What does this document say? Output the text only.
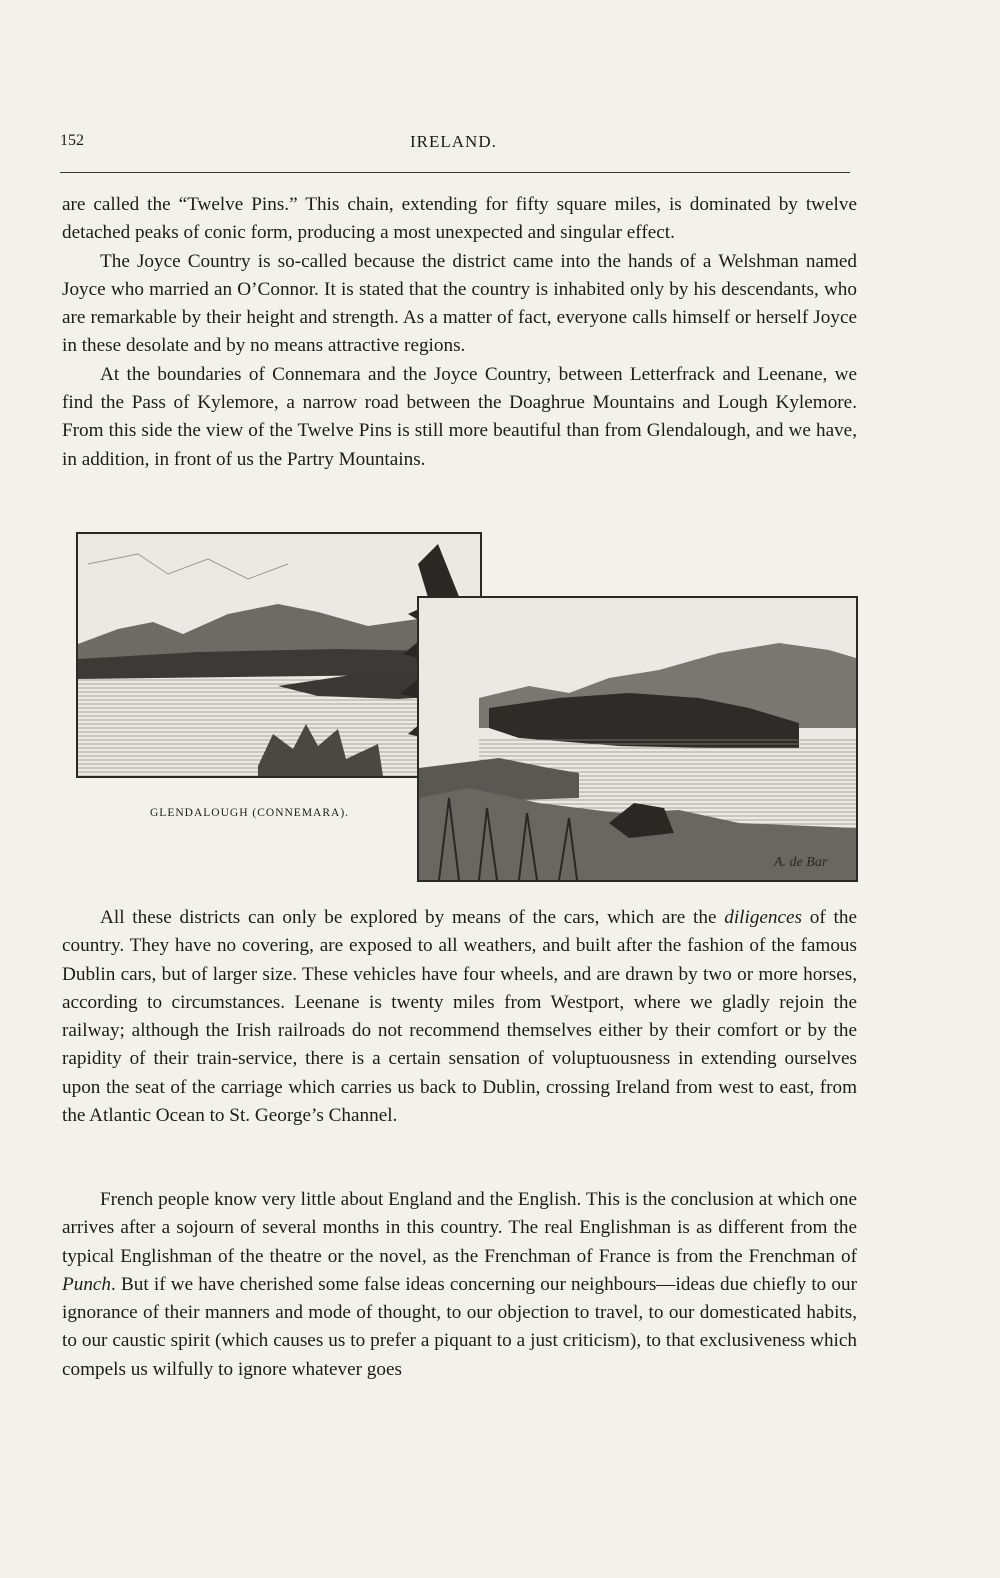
152	IRELAND.

are called the “Twelve Pins.” This chain, extending for fifty square miles, is dominated by twelve detached peaks of conic form, producing a most unexpected and singular effect.

The Joyce Country is so-called because the district came into the hands of a Welshman named Joyce who married an O’Connor. It is stated that the country is inhabited only by his descendants, who are remarkable by their height and strength. As a matter of fact, everyone calls himself or herself Joyce in these desolate and by no means attractive regions.

At the boundaries of Connemara and the Joyce Country, between Letterfrack and Leenane, we find the Pass of Kylemore, a narrow road between the Doaghrue Mountains and Lough Kylemore. From this side the view of the Twelve Pins is still more beautiful than from Glendalough, and we have, in addition, in front of us the Partry Mountains.

A. de Bar
GLENDALOUGH (CONNEMARA).

All these districts can only be explored by means of the cars, which are the diligences of the country. They have no covering, are exposed to all weathers, and built after the fashion of the famous Dublin cars, but of larger size. These vehicles have four wheels, and are drawn by two or more horses, according to circumstances. Leenane is twenty miles from Westport, where we gladly rejoin the railway; although the Irish railroads do not recommend themselves either by their comfort or by the rapidity of their train-service, there is a certain sensation of voluptuousness in extending ourselves upon the seat of the carriage which carries us back to Dublin, crossing Ireland from west to east, from the Atlantic Ocean to St. George’s Channel.

French people know very little about England and the English. This is the conclusion at which one arrives after a sojourn of several months in this country. The real Englishman is as different from the typical Englishman of the theatre or the novel, as the Frenchman of France is from the Frenchman of Punch. But if we have cherished some false ideas concerning our neighbours—ideas due chiefly to our ignorance of their manners and mode of thought, to our objection to travel, to our domesticated habits, to our caustic spirit (which causes us to prefer a piquant to a just criticism), to that exclusiveness which compels us wilfully to ignore whatever goes
